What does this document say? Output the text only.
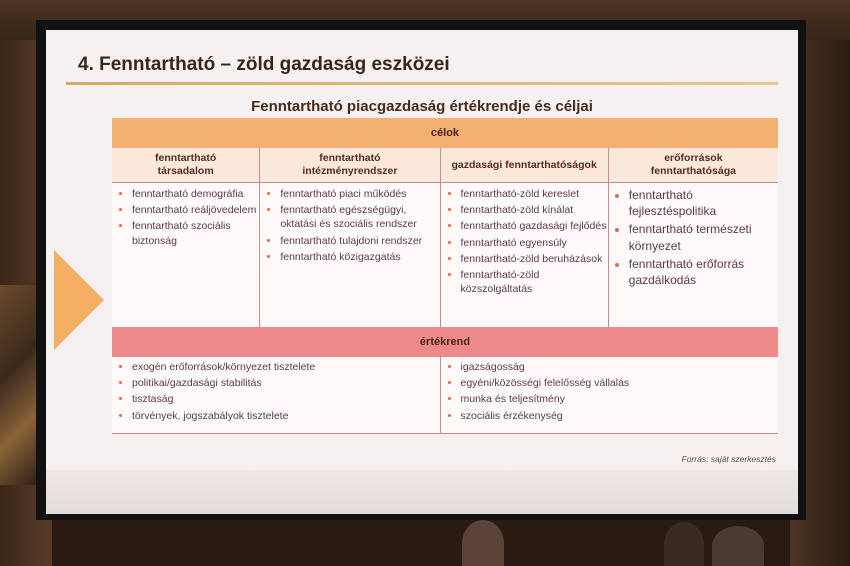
4. Fenntartható – zöld gazdaság eszközei
Fenntartható piacgazdaság értékrendje és céljai
célok
fenntartható
társadalom
• fenntartható demográfia
• fenntartható reáljövedelem
• fenntartható szociális biztonság
fenntartható
intézményrendszer
• fenntartható piaci működés
• fenntartható egészségügyi, oktatási és szociális rendszer
• fenntartható tulajdoni rendszer
• fenntartható közigazgatás
gazdasági fenntarthatóságok
• fenntartható-zöld kereslet
• fenntartható-zöld kínálat
• fenntartható gazdasági fejlődés
• fenntartható egyensúly
• fenntartható-zöld beruházások
• fenntartható-zöld közszolgáltatás
erőforrások
fenntarthatósága
• fenntartható fejlesztéspolitika
• fenntartható természeti környezet
• fenntartható erőforrás gazdálkodás
értékrend
• exogén erőforrások/környezet tisztelete
• politikai/gazdasági stabilitás
• tisztaság
• törvények, jogszabályok tisztelete
• igazságosság
• egyéni/közösségi felelősség vállalás
• munka és teljesítmény
• szociális érzékenység
Forrás: saját szerkesztés
